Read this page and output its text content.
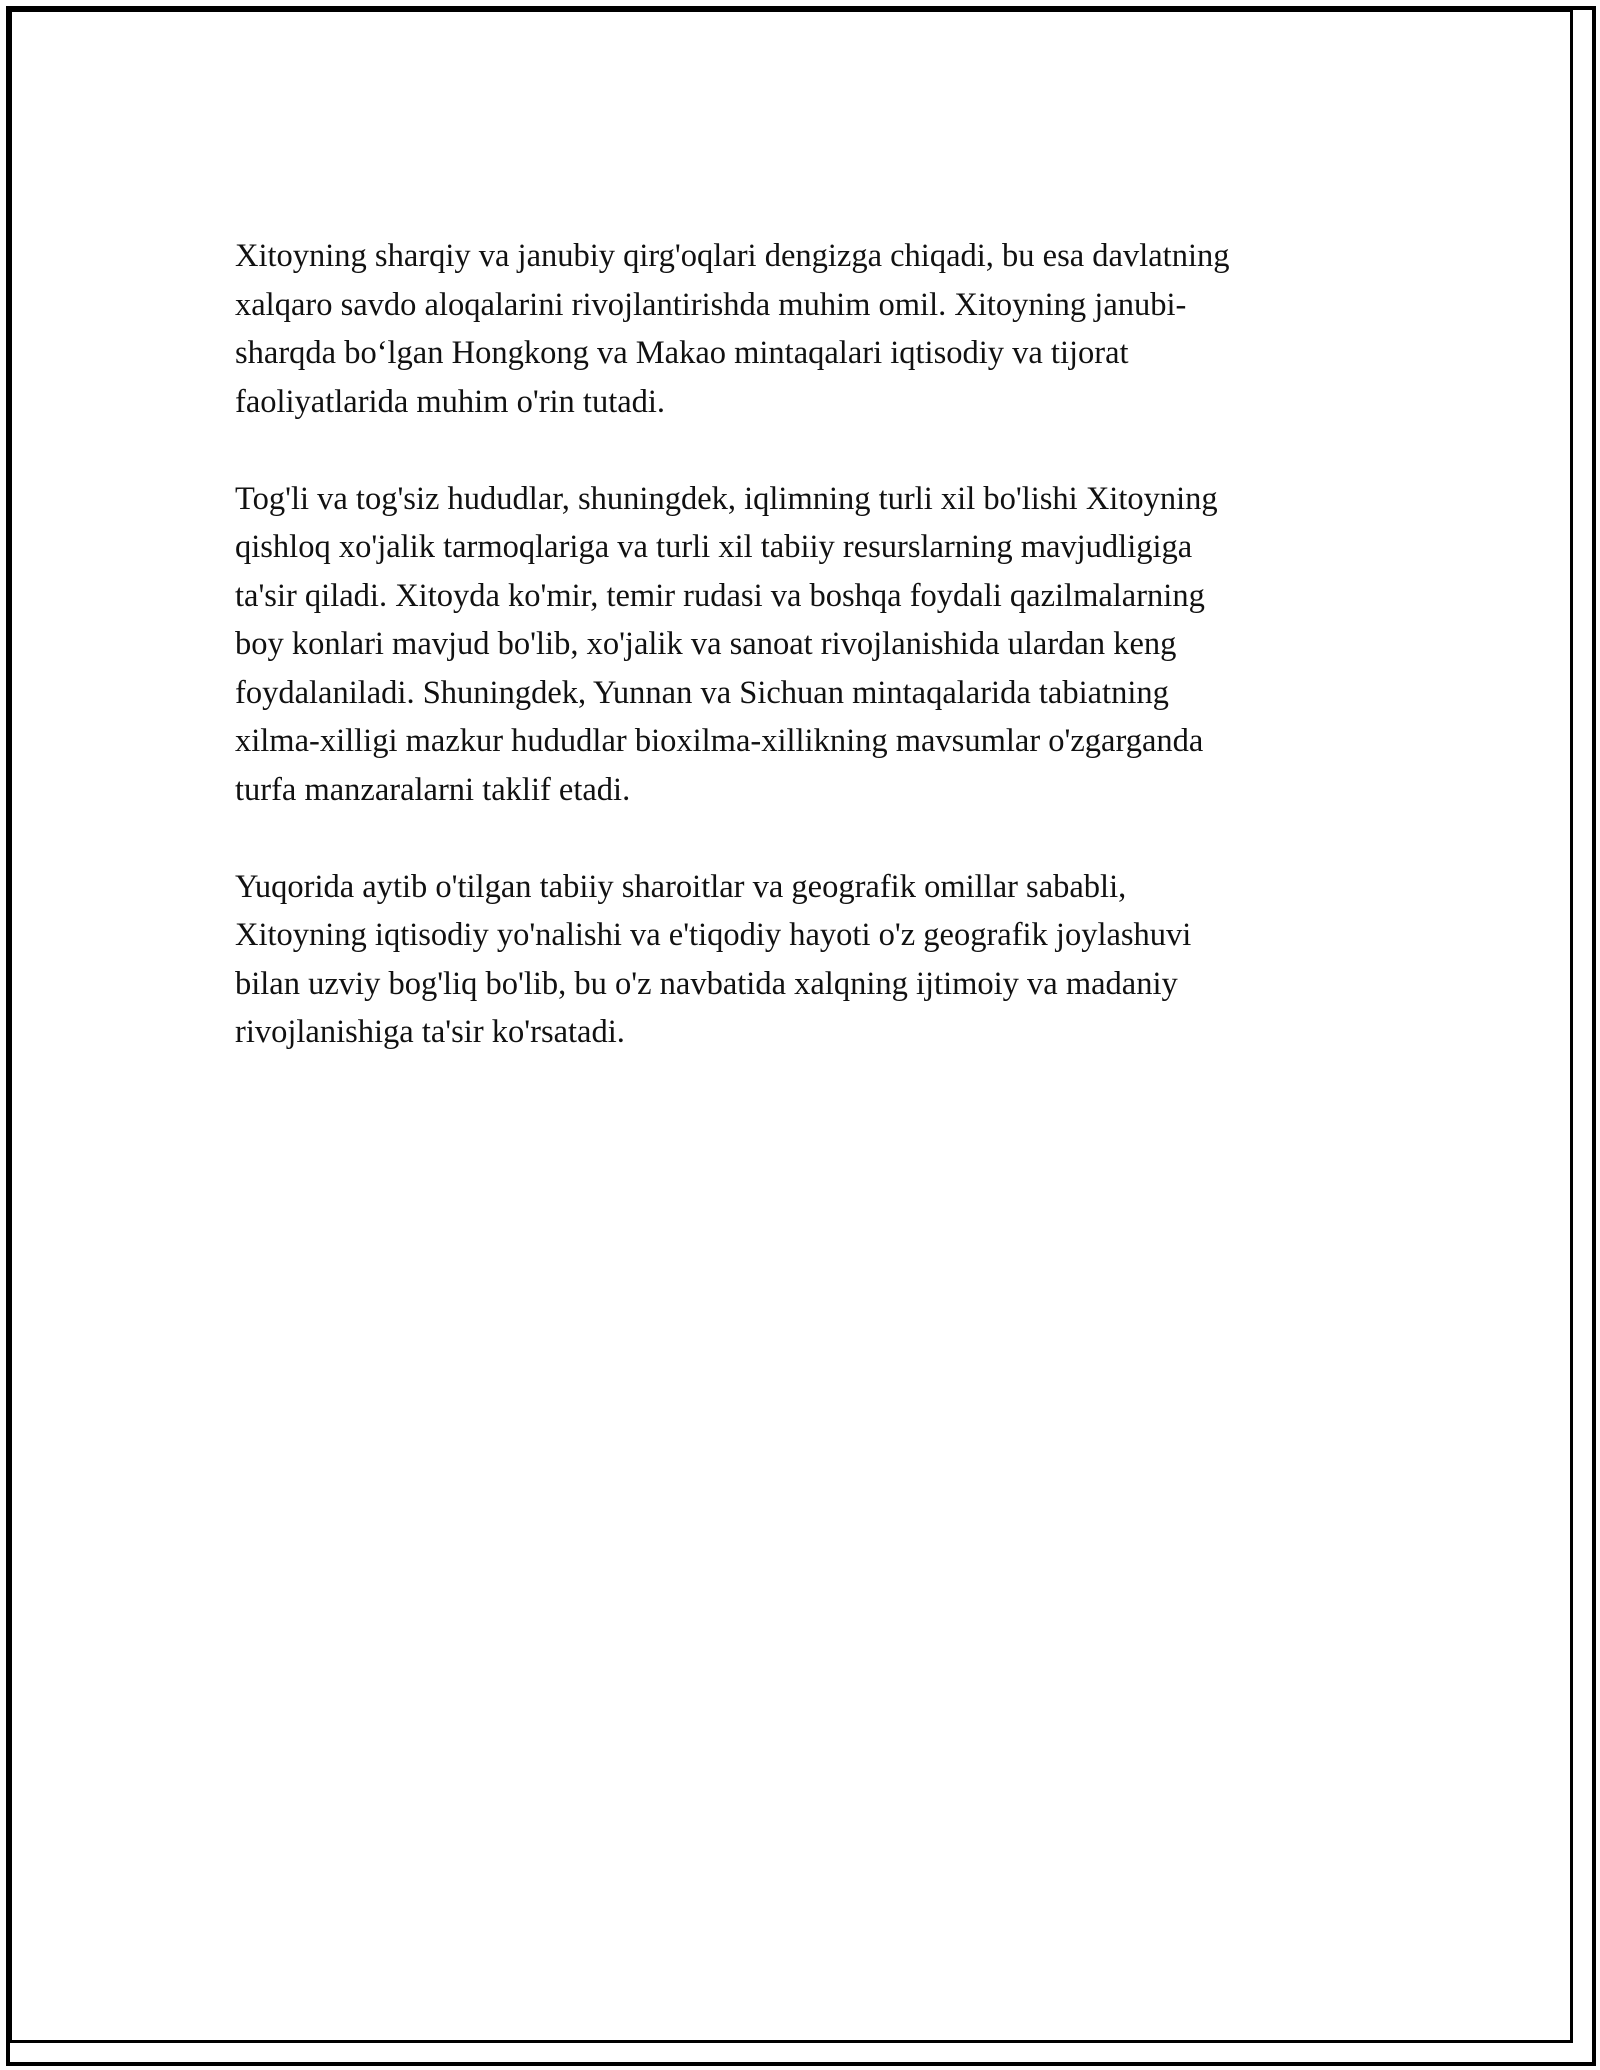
Xitoyning sharqiy va janubiy qirg'oqlari dengizga chiqadi, bu esa davlatning
xalqaro savdo aloqalarini rivojlantirishda muhim omil. Xitoyning janubi-
sharqda bo‘lgan Hongkong va Makao mintaqalari iqtisodiy va tijorat
faoliyatlarida muhim o'rin tutadi.

Tog'li va tog'siz hududlar, shuningdek, iqlimning turli xil bo'lishi Xitoyning
qishloq xo'jalik tarmoqlariga va turli xil tabiiy resurslarning mavjudligiga
ta'sir qiladi. Xitoyda ko'mir, temir rudasi va boshqa foydali qazilmalarning
boy konlari mavjud bo'lib, xo'jalik va sanoat rivojlanishida ulardan keng
foydalaniladi. Shuningdek, Yunnan va Sichuan mintaqalarida tabiatning
xilma-xilligi mazkur hududlar bioxilma-xillikning mavsumlar o'zgarganda
turfa manzaralarni taklif etadi.

Yuqorida aytib o'tilgan tabiiy sharoitlar va geografik omillar sababli,
Xitoyning iqtisodiy yo'nalishi va e'tiqodiy hayoti o'z geografik joylashuvi
bilan uzviy bog'liq bo'lib, bu o'z navbatida xalqning ijtimoiy va madaniy
rivojlanishiga ta'sir ko'rsatadi.
